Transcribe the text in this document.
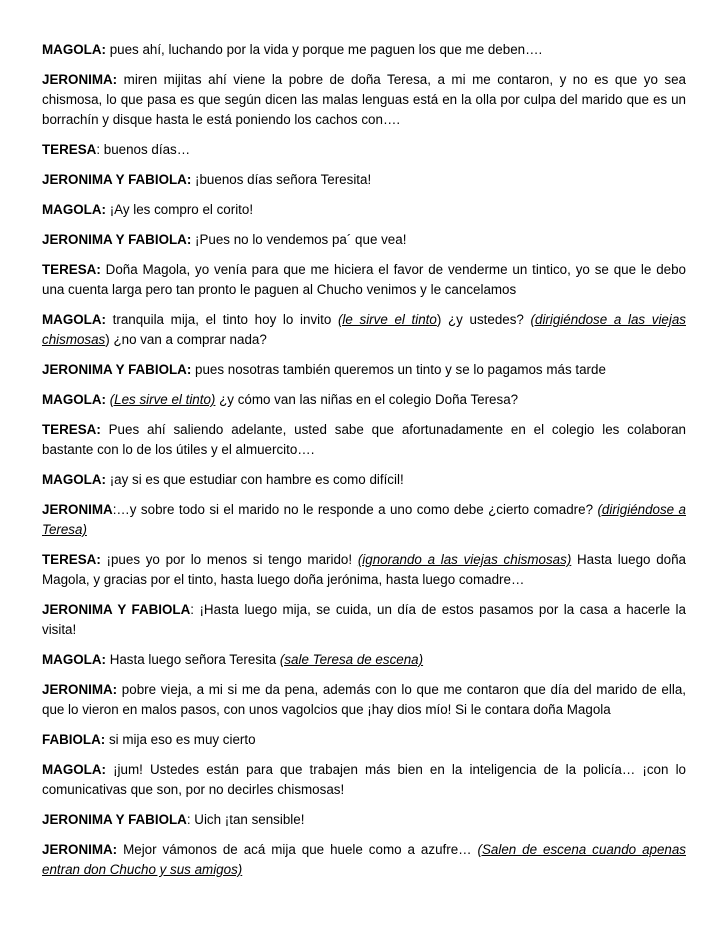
MAGOLA: pues ahí, luchando por la vida y porque me paguen los que me deben….

JERONIMA: miren mijitas ahí viene la pobre de doña Teresa, a mi me contaron, y no es que yo sea chismosa, lo que pasa es que según dicen las malas lenguas está en la olla por culpa del marido que es un borrachín y disque hasta le está poniendo los cachos con….

TERESA: buenos días…

JERONIMA Y FABIOLA: ¡buenos días señora Teresita!

MAGOLA: ¡Ay les compro el corito!

JERONIMA Y FABIOLA: ¡Pues no lo vendemos pa´ que vea!

TERESA: Doña Magola, yo venía para que me hiciera el favor de venderme un tintico, yo se que le debo una cuenta larga pero tan pronto le paguen al Chucho venimos y le cancelamos

MAGOLA: tranquila mija, el tinto hoy lo invito (le sirve el tinto) ¿y ustedes? (dirigiéndose a las viejas chismosas) ¿no van a comprar nada?

JERONIMA Y FABIOLA: pues nosotras también queremos un tinto y se lo pagamos más tarde

MAGOLA: (Les sirve el tinto) ¿y cómo van las niñas en el colegio Doña Teresa?

TERESA: Pues ahí saliendo adelante, usted sabe que afortunadamente en el colegio les colaboran bastante con lo de los útiles y el almuercito….

MAGOLA: ¡ay si es que estudiar con hambre es como difícil!

JERONIMA:…y sobre todo si el marido no le responde a uno como debe ¿cierto comadre? (dirigiéndose a Teresa)

TERESA: ¡pues yo por lo menos si tengo marido! (ignorando a las viejas chismosas) Hasta luego doña Magola, y gracias por el tinto, hasta luego doña jerónima, hasta luego comadre…

JERONIMA Y FABIOLA: ¡Hasta luego mija, se cuida, un día de estos pasamos por la casa a hacerle la visita!

MAGOLA: Hasta luego señora Teresita (sale Teresa de escena)

JERONIMA: pobre vieja, a mi si me da pena, además con lo que me contaron que día del marido de ella, que lo vieron en malos pasos, con unos vagolcios que ¡hay dios mío! Si le contara doña Magola

FABIOLA: si mija eso es muy cierto

MAGOLA: ¡jum! Ustedes están para que trabajen más bien en la inteligencia de la policía… ¡con lo comunicativas que son, por no decirles chismosas!

JERONIMA Y FABIOLA: Uich ¡tan sensible!

JERONIMA: Mejor vámonos de acá mija que huele como a azufre… (Salen de escena cuando apenas entran don Chucho y sus amigos)
